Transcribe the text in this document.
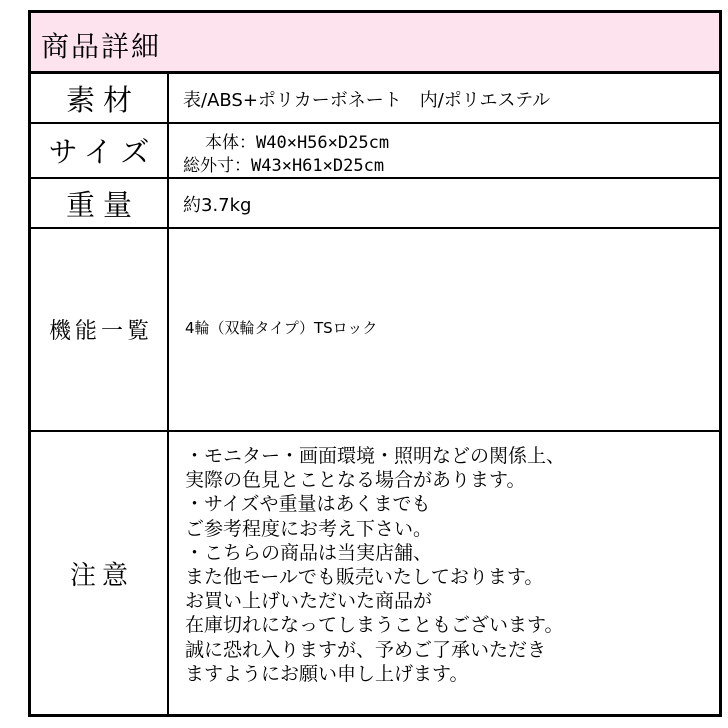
商品詳細
素材 表/ABS+ポリカーボネート　内/ポリエステル
サイズ	本体：W40×H56×D25cm
総外寸：W43×H61×D25cm
重量 約3.7kg
機能一覧 4輪（双輪タイプ）TSロック
注意
・モニター・画面環境・照明などの関係上、
実際の色見とことなる場合があります。
・サイズや重量はあくまでも
ご参考程度にお考え下さい。
・こちらの商品は当実店舗、
また他モールでも販売いたしております。
お買い上げいただいた商品が
在庫切れになってしまうこともございます。
誠に恐れ入りますが、予めご了承いただき
ますようにお願い申し上げます。
